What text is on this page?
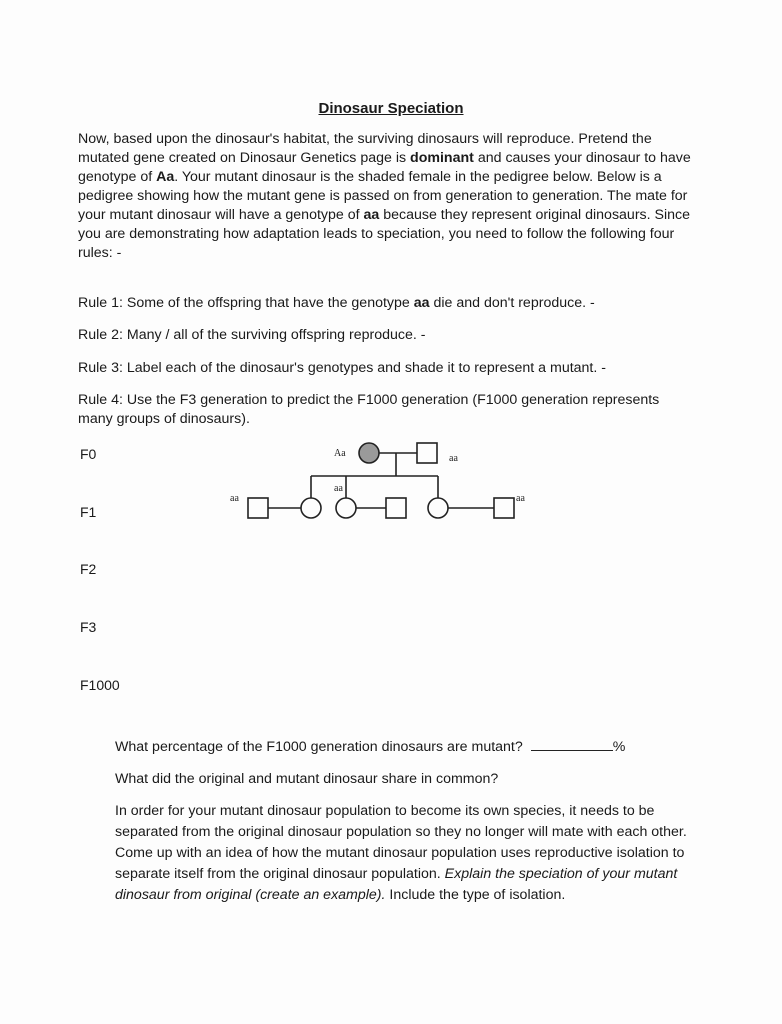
Dinosaur Speciation

Now, based upon the dinosaur's habitat, the surviving dinosaurs will reproduce. Pretend the mutated gene created on Dinosaur Genetics page is dominant and causes your dinosaur to have genotype of Aa. Your mutant dinosaur is the shaded female in the pedigree below. Below is a pedigree showing how the mutant gene is passed on from generation to generation. The mate for your mutant dinosaur will have a genotype of aa because they represent original dinosaurs. Since you are demonstrating how adaptation leads to speciation, you need to follow the following four rules: -

Rule 1: Some of the offspring that have the genotype aa die and don't reproduce. -

Rule 2: Many / all of the surviving offspring reproduce. -

Rule 3: Label each of the dinosaur's genotypes and shade it to represent a mutant. -

Rule 4: Use the F3 generation to predict the F1000 generation (F1000 generation represents many groups of dinosaurs).

F0
F1
F2
F3
F1000
Aa	aa
aa
aa
aa

What percentage of the F1000 generation dinosaurs are mutant?	%

What did the original and mutant dinosaur share in common?

In order for your mutant dinosaur population to become its own species, it needs to be separated from the original dinosaur population so they no longer will mate with each other. Come up with an idea of how the mutant dinosaur population uses reproductive isolation to separate itself from the original dinosaur population. Explain the speciation of your mutant dinosaur from original (create an example). Include the type of isolation.
